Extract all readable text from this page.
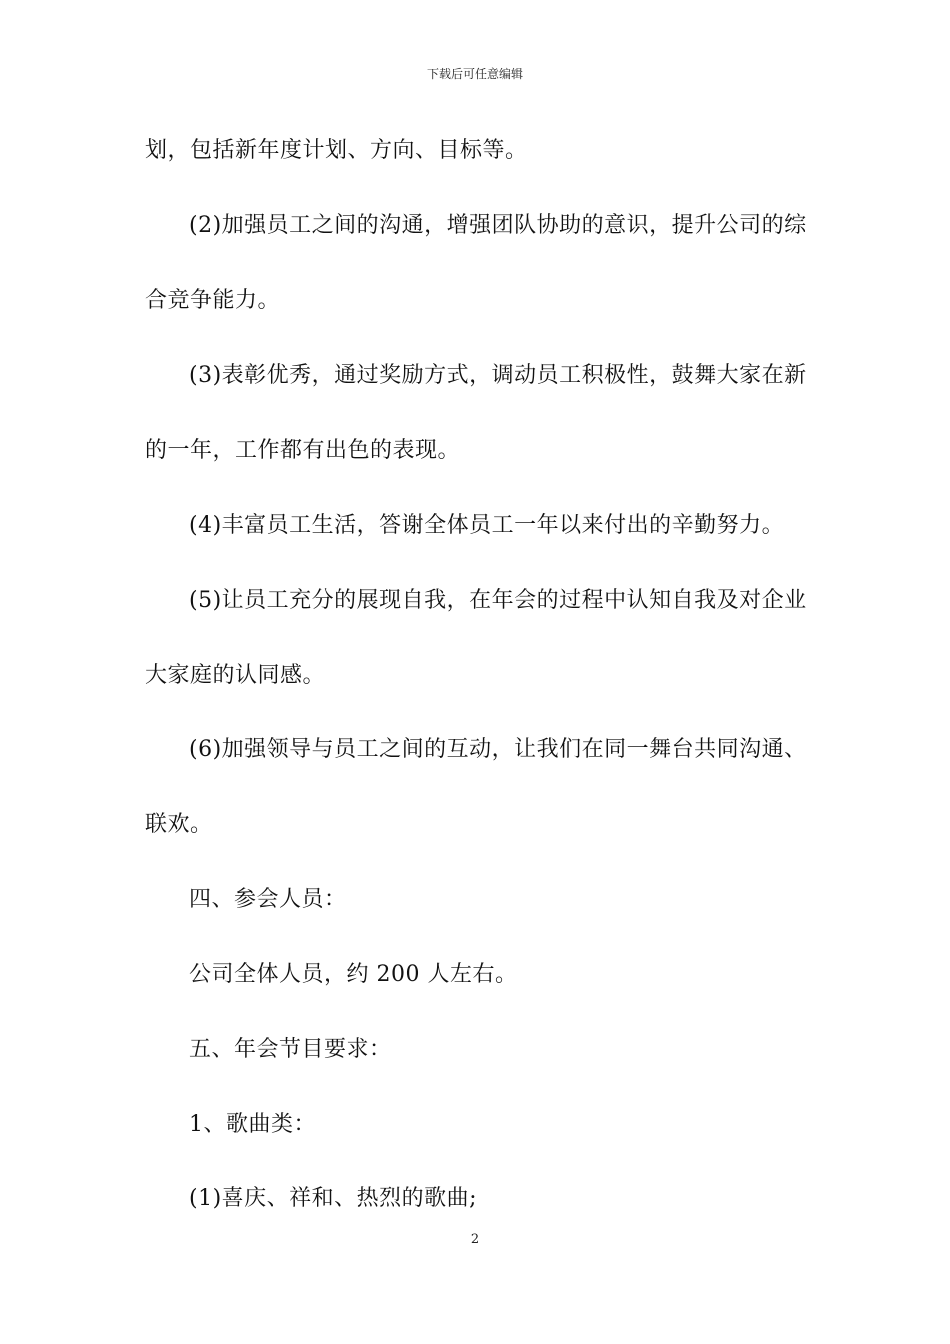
下载后可任意编辑
划，包括新年度计划、方向、目标等。
(2)加强员工之间的沟通，增强团队协助的意识，提升公司的综
合竞争能力。
(3)表彰优秀，通过奖励方式，调动员工积极性，鼓舞大家在新
的一年，工作都有出色的表现。
(4)丰富员工生活，答谢全体员工一年以来付出的辛勤努力。
(5)让员工充分的展现自我，在年会的过程中认知自我及对企业
大家庭的认同感。
(6)加强领导与员工之间的互动，让我们在同一舞台共同沟通、
联欢。
四、参会人员：
公司全体人员，约 200 人左右。
五、年会节目要求：
1、歌曲类：
(1)喜庆、祥和、热烈的歌曲;
2
